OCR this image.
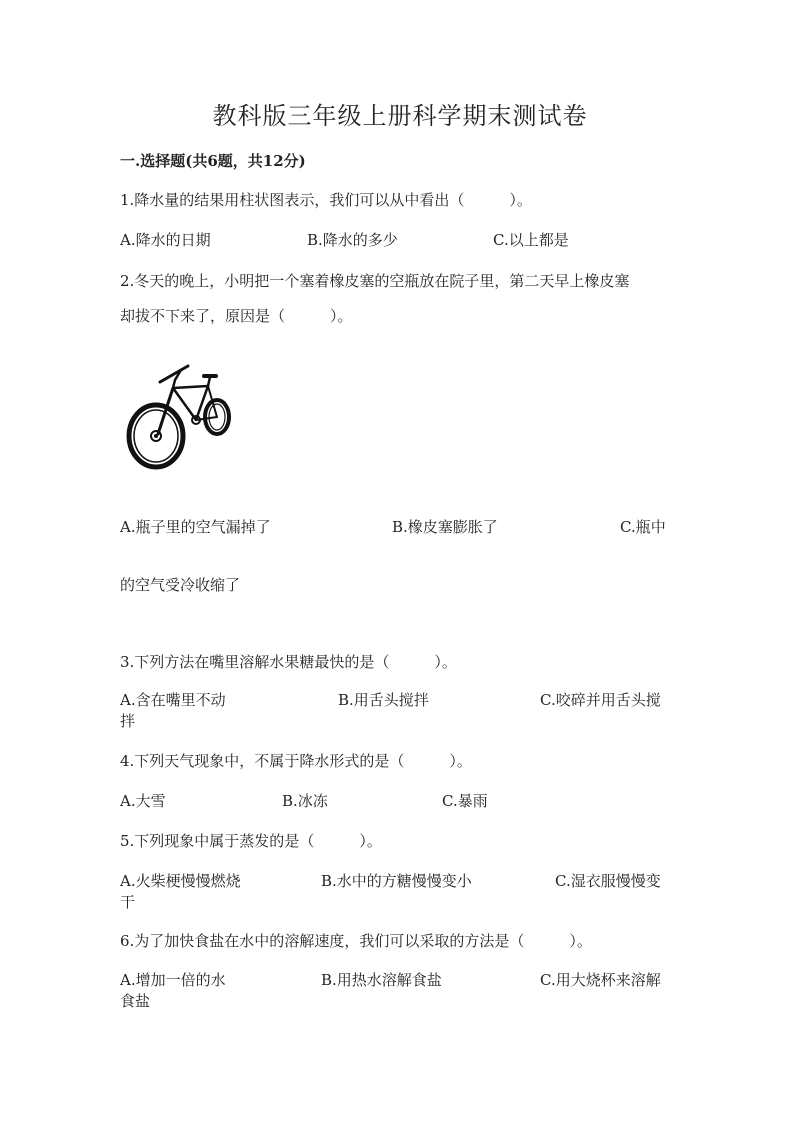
教科版三年级上册科学期末测试卷
一.选择题(共6题，共12分)
1.降水量的结果用柱状图表示，我们可以从中看出（　　　）。
A.降水的日期	B.降水的多少	C.以上都是
2.冬天的晚上，小明把一个塞着橡皮塞的空瓶放在院子里，第二天早上橡皮塞
却拔不下来了，原因是（　　　）。
A.瓶子里的空气漏掉了	B.橡皮塞膨胀了	C.瓶中
的空气受冷收缩了
3.下列方法在嘴里溶解水果糖最快的是（　　　）。
A.含在嘴里不动	B.用舌头搅拌	C.咬碎并用舌头搅
拌
4.下列天气现象中，不属于降水形式的是（　　　）。
A.大雪	B.冰冻	C.暴雨
5.下列现象中属于蒸发的是（　　　）。
A.火柴梗慢慢燃烧	B.水中的方糖慢慢变小	C.湿衣服慢慢变
干
6.为了加快食盐在水中的溶解速度，我们可以采取的方法是（　　　）。
A.增加一倍的水	B.用热水溶解食盐	C.用大烧杯来溶解
食盐
